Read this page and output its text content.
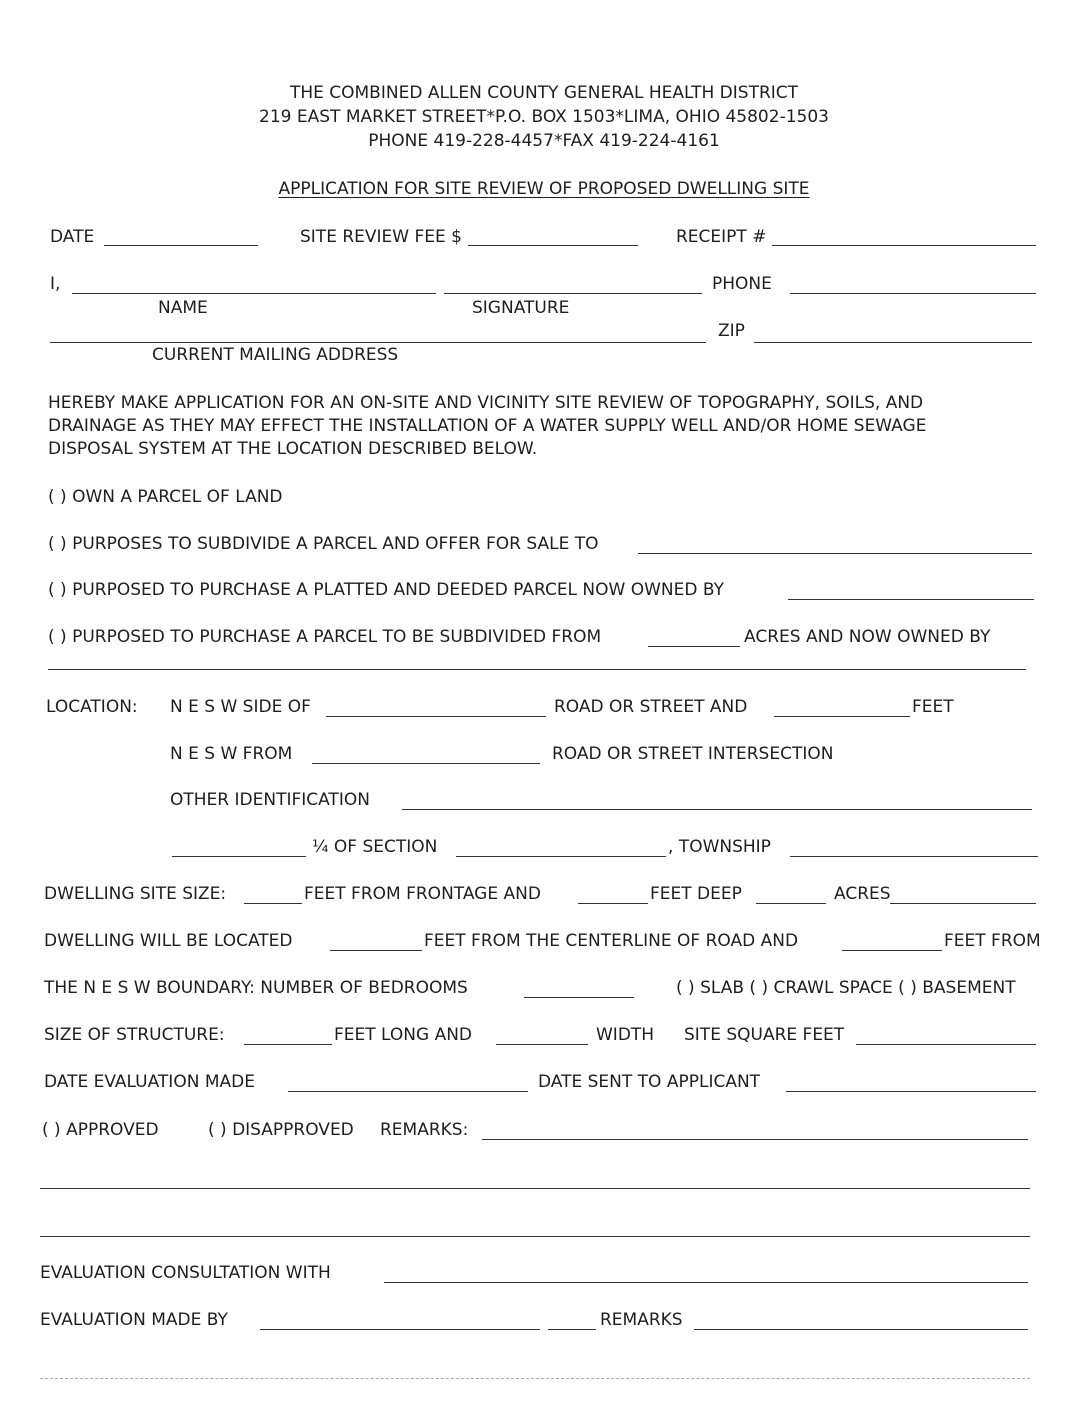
THE COMBINED ALLEN COUNTY GENERAL HEALTH DISTRICT
219 EAST MARKET STREET*P.O. BOX 1503*LIMA, OHIO 45802-1503
PHONE 419-228-4457*FAX 419-224-4161
APPLICATION FOR SITE REVIEW OF PROPOSED DWELLING SITE
DATE	SITE REVIEW FEE $	RECEIPT #
I,	PHONE
NAME	SIGNATURE
ZIP
CURRENT MAILING ADDRESS
HEREBY MAKE APPLICATION FOR AN ON-SITE AND VICINITY SITE REVIEW OF TOPOGRAPHY, SOILS, AND
DRAINAGE AS THEY MAY EFFECT THE INSTALLATION OF A WATER SUPPLY WELL AND/OR HOME SEWAGE
DISPOSAL SYSTEM AT THE LOCATION DESCRIBED BELOW.
( ) OWN A PARCEL OF LAND
( ) PURPOSES TO SUBDIVIDE A PARCEL AND OFFER FOR SALE TO
( ) PURPOSED TO PURCHASE A PLATTED AND DEEDED PARCEL NOW OWNED BY
( ) PURPOSED TO PURCHASE A PARCEL TO BE SUBDIVIDED FROM	ACRES AND NOW OWNED BY
LOCATION: N E S W SIDE OF	ROAD OR STREET AND	FEET
N E S W FROM	ROAD OR STREET INTERSECTION
OTHER IDENTIFICATION
¼ OF SECTION	, TOWNSHIP
DWELLING SITE SIZE:	FEET FROM FRONTAGE AND	FEET DEEP	ACRES
DWELLING WILL BE LOCATED	FEET FROM THE CENTERLINE OF ROAD AND	FEET FROM
THE N E S W BOUNDARY: NUMBER OF BEDROOMS	( ) SLAB ( ) CRAWL SPACE ( ) BASEMENT
SIZE OF STRUCTURE:	FEET LONG AND	WIDTH SITE SQUARE FEET
DATE EVALUATION MADE	DATE SENT TO APPLICANT
( ) APPROVED	( ) DISAPPROVED REMARKS:
EVALUATION CONSULTATION WITH
EVALUATION MADE BY	REMARKS
